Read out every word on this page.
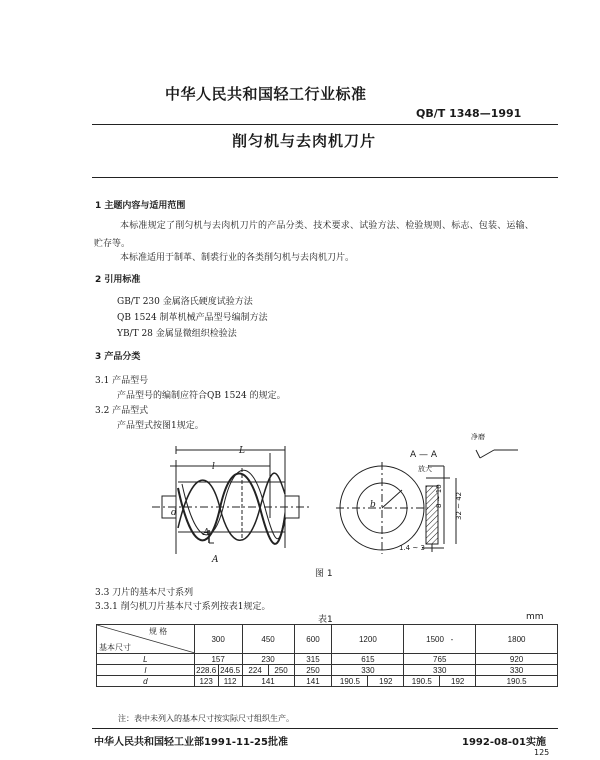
中华人民共和国轻工行业标准
QB/T 1348—1991
削匀机与去肉机刀片
1 主题内容与适用范围
本标准规定了削匀机与去肉机刀片的产品分类、技术要求、试验方法、检验规则、标志、包装、运输、
贮存等。
本标准适用于制革、制裘行业的各类削匀机与去肉机刀片。
2 引用标准
GB/T 230 金属洛氏硬度试验方法
QB 1524 制革机械产品型号编制方法
YB/T 28 金属显微组织检验法
3 产品分类
3.1 产品型号
产品型号的编制应符合QB 1524 的规定。
3.2 产品型式
产品型式按图1规定。
L
l
A
A
d
b
A — A
放大
净磨
8 ~ 10 32 ~ 42
1.4 ~ 3
图 1
3.3 刀片的基本尺寸系列
3.3.1 削匀机刀片基本尺寸系列按表1规定。
表1	mm
规 格
基本尺寸	300		450		600	1200		1500 -		1800
L	157		230		315	615		765		920
l	228.6	246.5	224	250	250	330		330		330
d	123	112	141		141	190.5	192	190.5	192	190.5
注：表中未列入的基本尺寸按实际尺寸组织生产。
中华人民共和国轻工业部1991-11-25批准	1992-08-01实施
125
